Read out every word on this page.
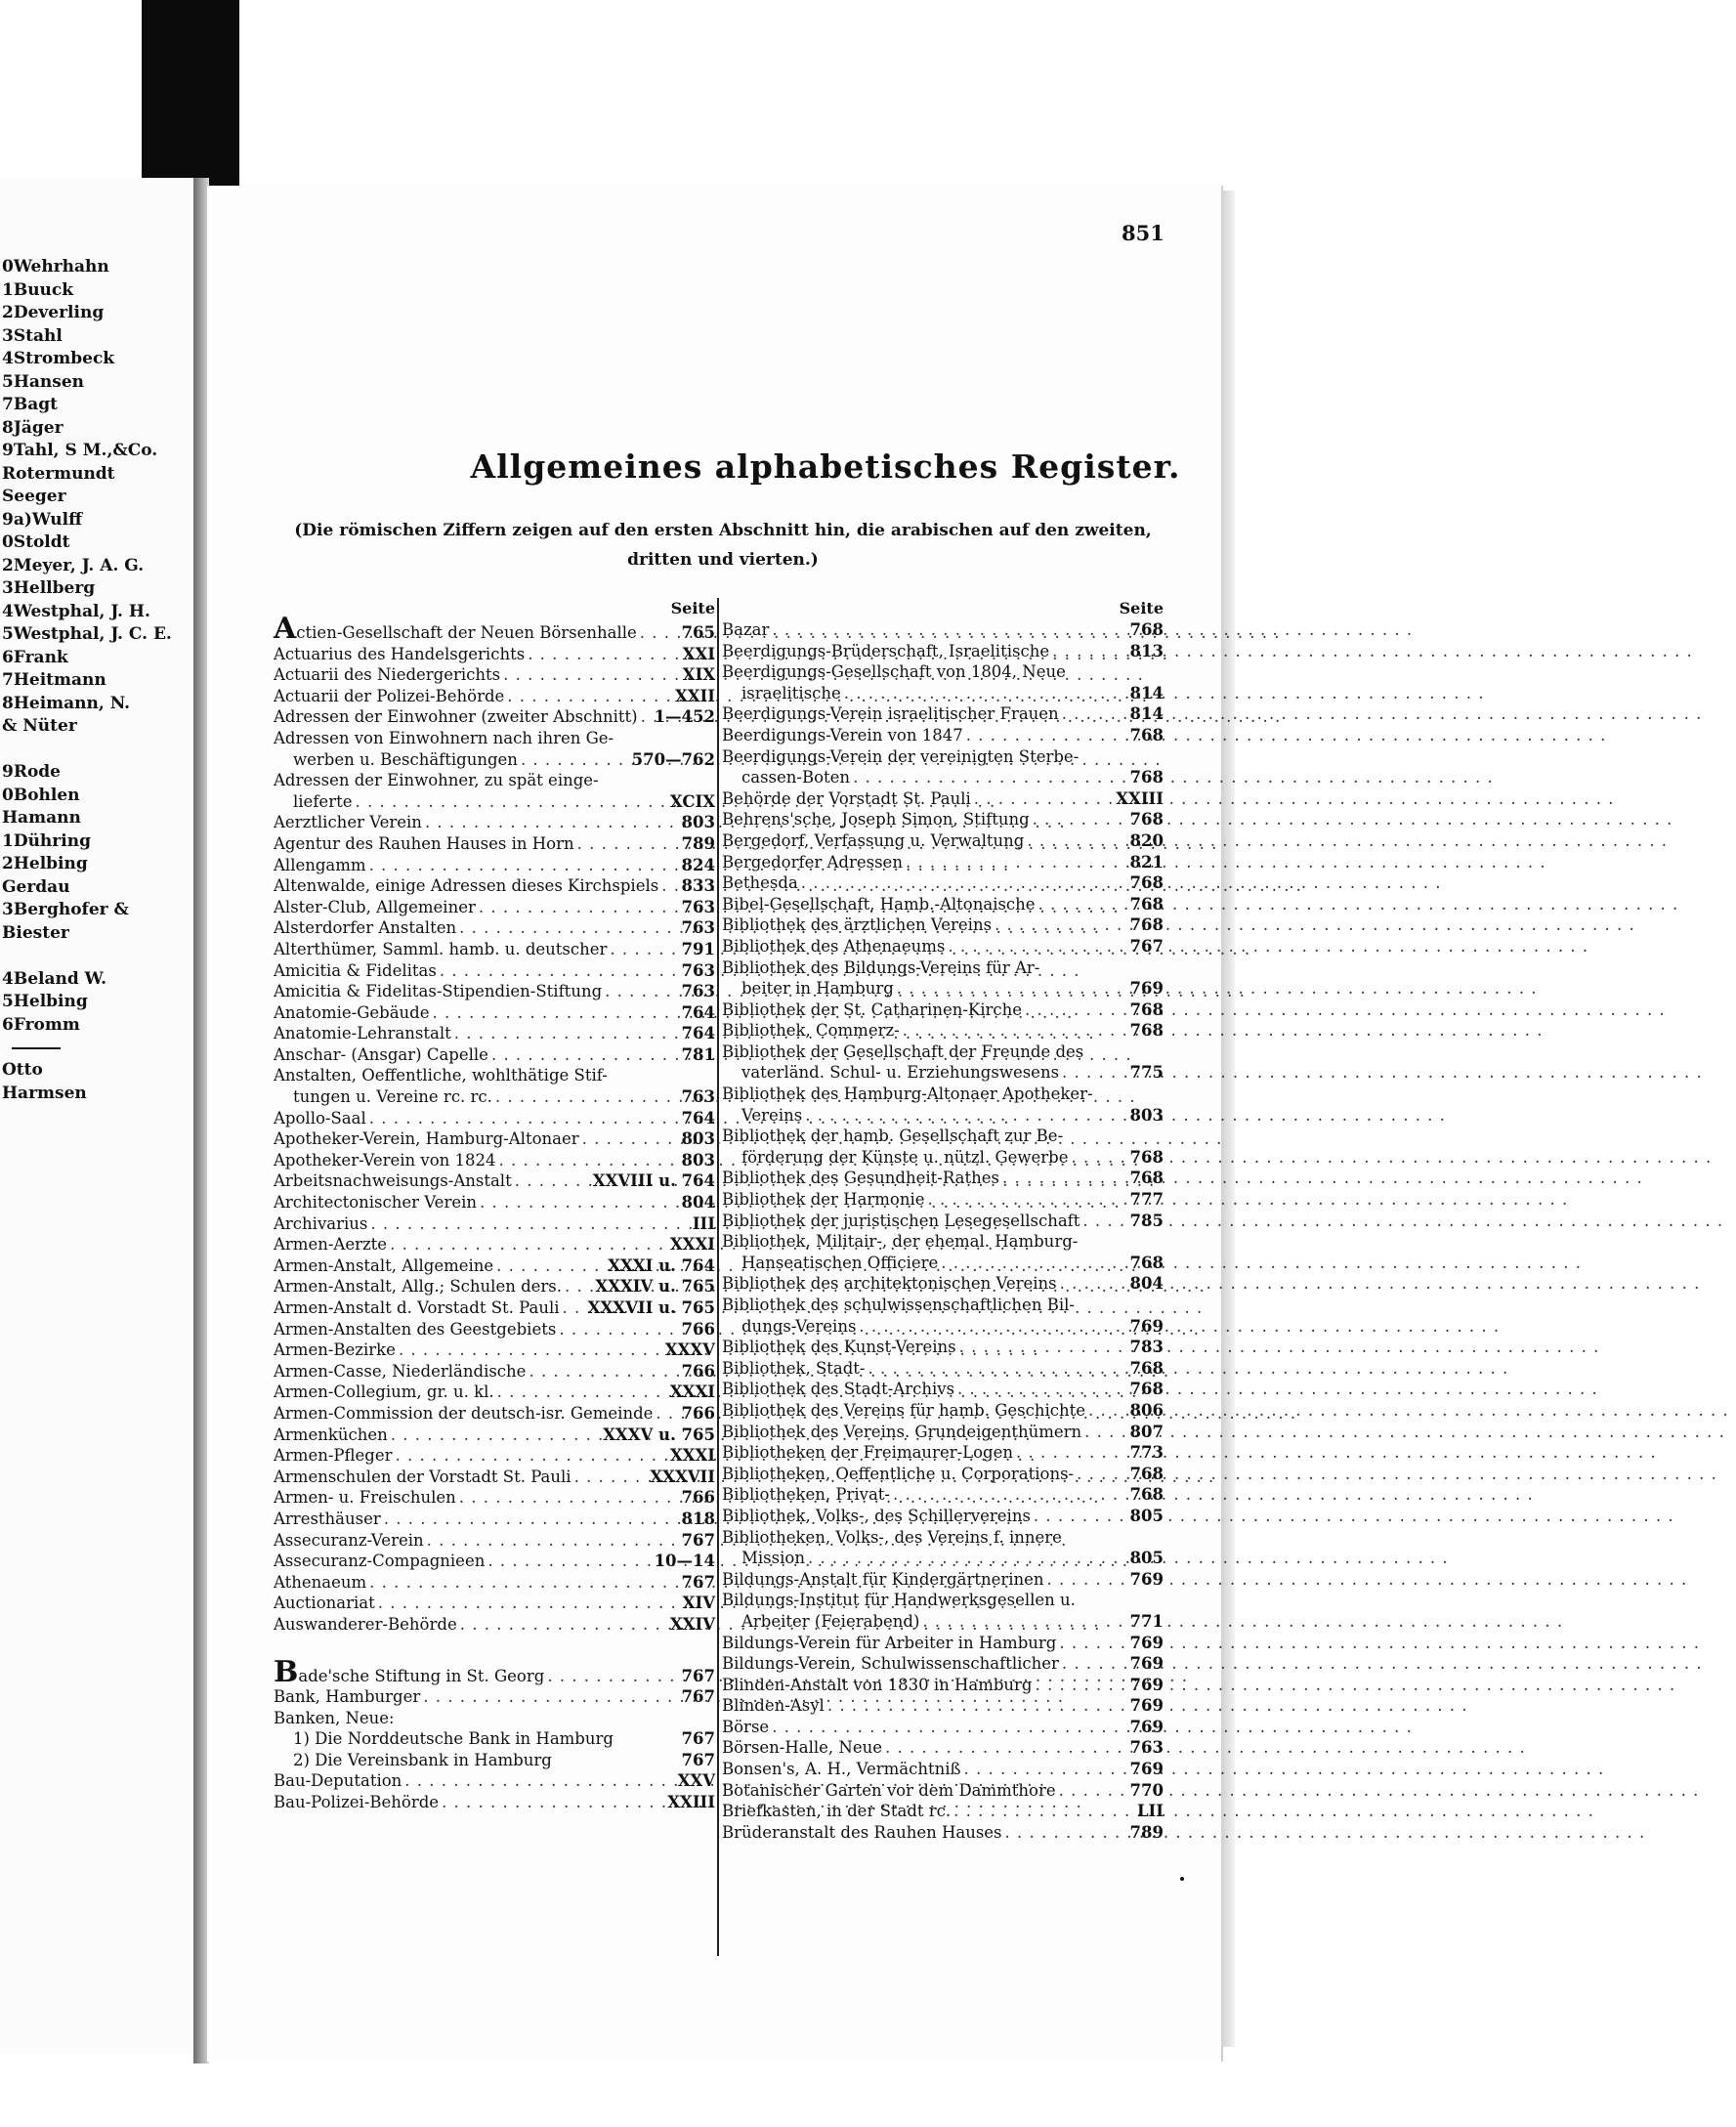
0Wehrhahn
1Buuck
2Deverling
3Stahl
4Strombeck
5Hansen
7Bagt
8Jäger
9Tahl, S M.,&Co.
Rotermundt
Seeger
9a)Wulff
0Stoldt
2Meyer, J. A. G.
3Hellberg
4Westphal, J. H.
5Westphal, J. C. E.
6Frank
7Heitmann
8Heimann, N.
& Nüter

9Rode
0Bohlen
Hamann
1Dühring
2Helbing
Gerdau
3Berghofer &
Biester

4Beland W.
5Helbing
6Fromm
Otto
Harmsen
851
Allgemeines alphabetisches Register.
(Die römischen Ziffern zeigen auf den ersten Abschnitt hin, die arabischen auf den zweiten, dritten und vierten.)
Seite
Actien-Gesellschaft der Neuen Börsenhalle . . .	765
Actuarius des Handelsgerichts . . .	XXI
Actuarii des Niedergerichts . . .	XIX
Actuarii der Polizei-Behörde . . .	XXII
Adressen der Einwohner (zweiter Abschnitt) . . . 1—452
Adressen von Einwohnern nach ihren Ge-
werben u. Beschäftigungen . . .	570—762
Adressen der Einwohner, zu spät einge-
lieferte . . .	XCIX
Aerztlicher Verein . . .	803
Agentur des Rauhen Hauses in Horn . . .	789
Allengamm . . .	824
Altenwalde, einige Adressen dieses Kirchspiels . . . 833
Alster-Club, Allgemeiner . . .	763
Alsterdorfer Anstalten . . .	763
Alterthümer, Samml. hamb. u. deutscher . . .	791
Amicitia & Fidelitas . . .	763
Amicitia & Fidelitas-Stipendien-Stiftung . . .	763
Anatomie-Gebäude . . .	764
Anatomie-Lehranstalt . . .	764
Anschar- (Ansgar) Capelle . . .	781
Anstalten, Oeffentliche, wohlthätige Stif-
tungen u. Vereine rc. rc. . . .	763
Apollo-Saal . . .	764
Apotheker-Verein, Hamburg-Altonaer . . .	803
Apotheker-Verein von 1824 . . .	803
Arbeitsnachweisungs-Anstalt . . .	XXVIII u. 764
Architectonischer Verein . . .	804
Archivarius . . .	III
Armen-Aerzte . . .	XXXI
Armen-Anstalt, Allgemeine . . .	XXXI u. 764
Armen-Anstalt, Allg.; Schulen ders. . . . XXXIV u. 765
Armen-Anstalt d. Vorstadt St. Pauli . . . XXXVII u. 765
Armen-Anstalten des Geestgebiets . . .	766
Armen-Bezirke . . .	XXXV
Armen-Casse, Niederländische . . .	766
Armen-Collegium, gr. u. kl. . . .	XXXI
Armen-Commission der deutsch-isr. Gemeinde . . . 766
Armenküchen . . .	XXXV u. 765
Armen-Pfleger . . .	XXXI
Armenschulen der Vorstadt St. Pauli . . .	XXXVII
Armen- u. Freischulen . . .	766
Arresthäuser . . .	818
Assecuranz-Verein . . .	767
Assecuranz-Compagnieen . . .	10—14
Athenaeum . . .	767
Auctionariat . . .	XIV
Auswanderer-Behörde . . .	XXIV
Bade'sche Stiftung in St. Georg . . .	767
Bank, Hamburger . . .	767
Banken, Neue:
1) Die Norddeutsche Bank in Hamburg	767
2) Die Vereinsbank in Hamburg	767
Bau-Deputation . . .	XXV
Bau-Polizei-Behörde . . .	XXIII
Seite
Bazar . . .	768
Beerdigungs-Brüderschaft, Israelitische . . .	813
Beerdigungs-Gesellschaft von 1804, Neue
israelitische . . .	814
Beerdigungs-Verein israelitischer Frauen . . .	814
Beerdigungs-Verein von 1847 . . .	768
Beerdigungs-Verein der vereinigten Sterbe-
cassen-Boten . . .	768
Behörde der Vorstadt St. Pauli . . .	XXIII
Behrens'sche, Joseph Simon, Stiftung . . .	768
Bergedorf, Verfassung u. Verwaltung . . .	820
Bergedorfer Adressen . . .	821
Bethesda . . .	768
Bibel-Gesellschaft, Hamb.-Altonaische . . .	768
Bibliothek des ärztlichen Vereins . . .	768
Bibliothek des Athenaeums . . .	767
Bibliothek des Bildungs-Vereins für Ar-
beiter in Hamburg . . .	769
Bibliothek der St. Catharinen-Kirche . . .	768
Bibliothek, Commerz- . . .	768
Bibliothek der Gesellschaft der Freunde des
vaterländ. Schul- u. Erziehungswesens . . .	775
Bibliothek des Hamburg-Altonaer Apotheker-
Vereins . . .	803
Bibliothek der hamb. Gesellschaft zur Be-
förderung der Künste u. nützl. Gewerbe . . .	768
Bibliothek des Gesundheit-Rathes . . .	768
Bibliothek der Harmonie . . .	777
Bibliothek der juristischen Lesegesellschaft . . .	785
Bibliothek, Militair-, der ehemal. Hamburg-
Hanseatischen Officiere . . .	768
Bibliothek des architektonischen Vereins . . .	804
Bibliothek des schulwissenschaftlichen Bil-
dungs-Vereins . . .	769
Bibliothek des Kunst-Vereins . . .	783
Bibliothek, Stadt- . . .	768
Bibliothek des Stadt-Archivs . . .	768
Bibliothek des Vereins für hamb. Geschichte . . .	806
Bibliothek des Vereins. Grundeigenthümern . . .	807
Bibliotheken der Freimaurer-Logen . . .	773
Bibliotheken, Oeffentliche u. Corporations- . . .	768
Bibliotheken, Privat- . . .	768
Bibliothek, Volks-, des Schillervereins . . .	805
Bibliotheken, Volks-, des Vereins f. innere
Mission . . .	805
Bildungs-Anstalt für Kindergärtnerinen . . .	769
Bildungs-Institut für Handwerksgesellen u.
Arbeiter (Feierabend) . . .	771
Bildungs-Verein für Arbeiter in Hamburg . . .	769
Bildungs-Verein, Schulwissenschaftlicher . . .	769
Blinden-Anstalt von 1830 in Hamburg . . .	769
Blinden-Asyl . . .	769
Börse . . .	769
Börsen-Halle, Neue . . .	763
Bonsen's, A. H., Vermächtniß . . .	769
Botanischer Garten vor dem Dammthore . . .	770
Briefkasten, in der Stadt rc. . . .	LII
Brüderanstalt des Rauhen Hauses . . .	789
